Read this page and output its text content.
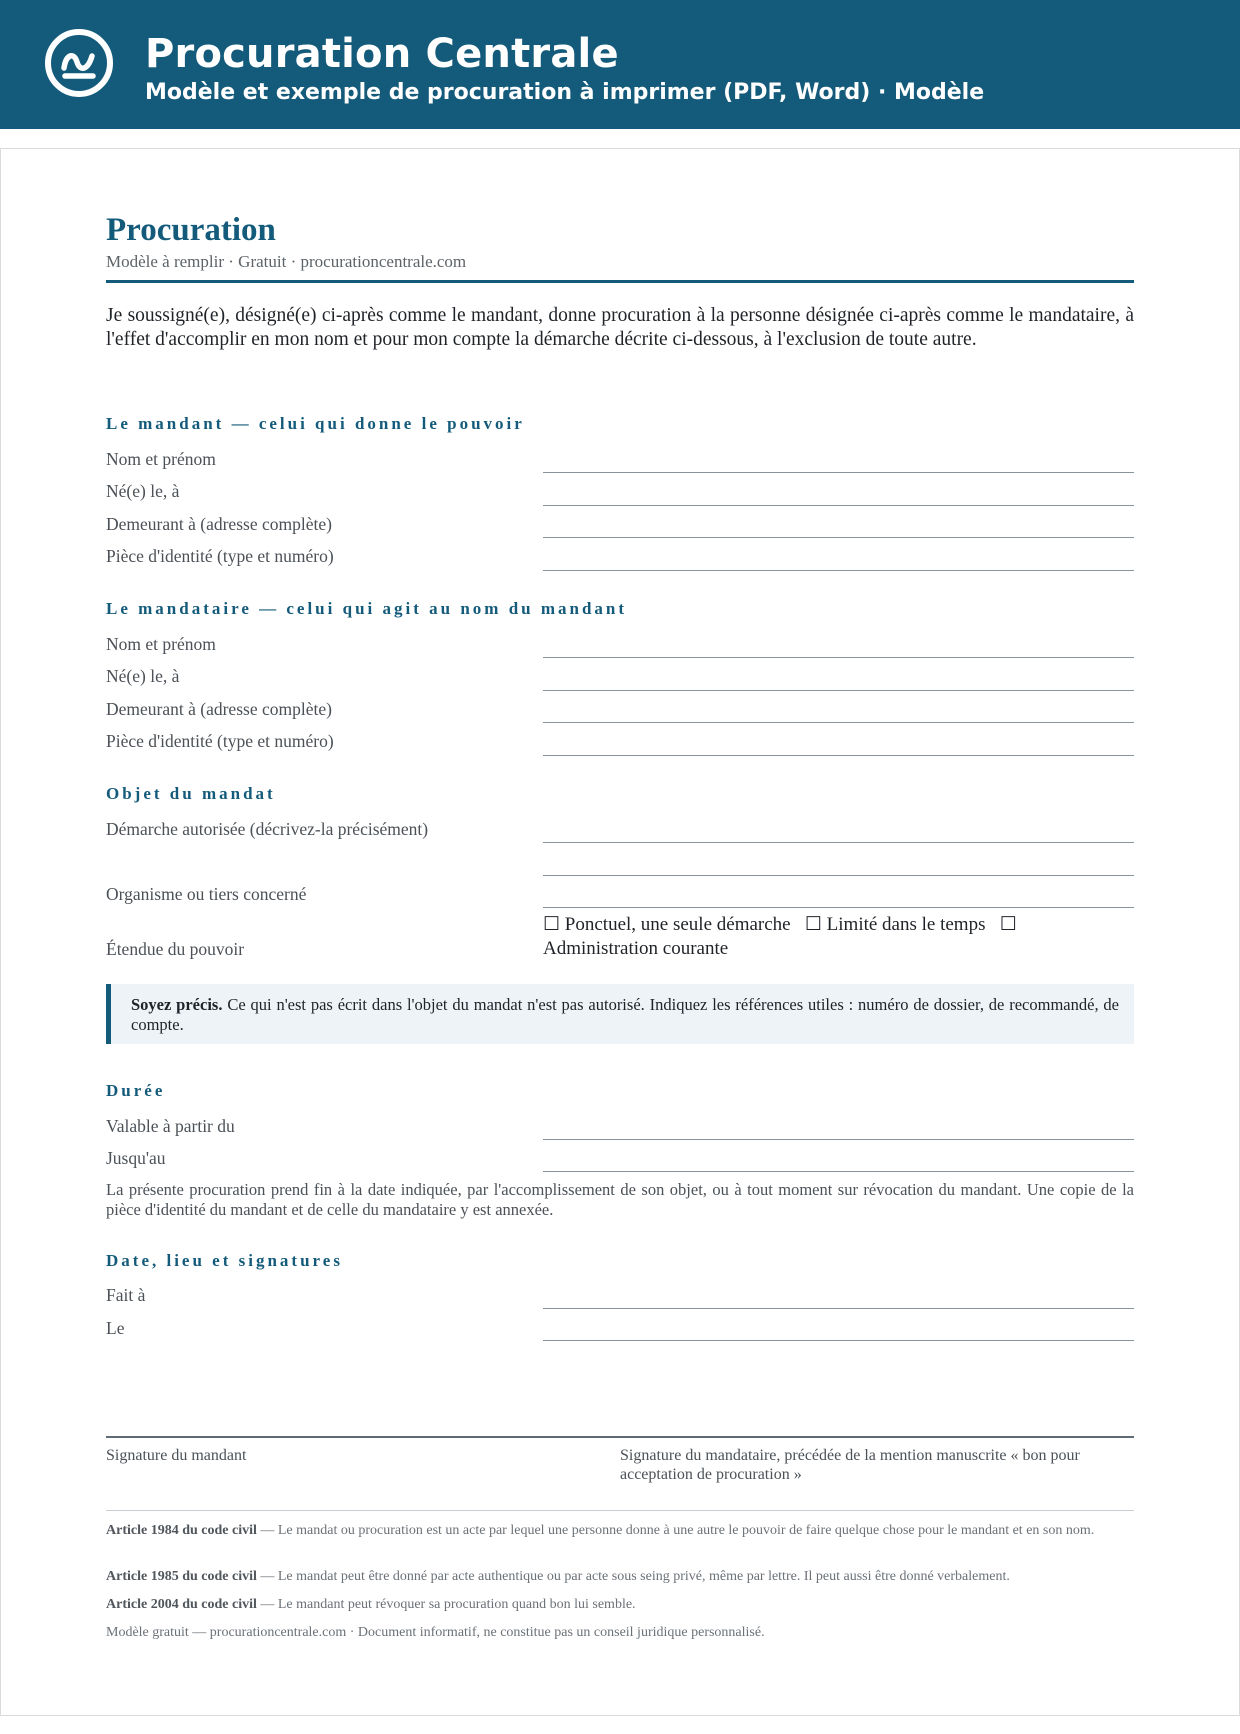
Procuration Centrale
Modèle et exemple de procuration à imprimer (PDF, Word) · Modèle
Procuration
Modèle à remplir · Gratuit · procurationcentrale.com
Je soussigné(e), désigné(e) ci-après comme le mandant, donne procuration à la personne désignée ci-après comme le mandataire, à l'effet d'accomplir en mon nom et pour mon compte la démarche décrite ci-dessous, à l'exclusion de toute autre.
Le mandant — celui qui donne le pouvoir
Nom et prénom
Né(e) le, à
Demeurant à (adresse complète)
Pièce d'identité (type et numéro)
Le mandataire — celui qui agit au nom du mandant
Nom et prénom
Né(e) le, à
Demeurant à (adresse complète)
Pièce d'identité (type et numéro)
Objet du mandat
Démarche autorisée (décrivez-la précisément)
Organisme ou tiers concerné
☐ Ponctuel, une seule démarche ☐ Limité dans le temps ☐ Administration courante
Étendue du pouvoir
Soyez précis. Ce qui n'est pas écrit dans l'objet du mandat n'est pas autorisé. Indiquez les références utiles : numéro de dossier, de recommandé, de compte.
Durée
Valable à partir du
Jusqu'au
La présente procuration prend fin à la date indiquée, par l'accomplissement de son objet, ou à tout moment sur révocation du mandant. Une copie de la pièce d'identité du mandant et de celle du mandataire y est annexée.
Date, lieu et signatures
Fait à
Le
Signature du mandant	Signature du mandataire, précédée de la mention manuscrite « bon pour acceptation de procuration »
Article 1984 du code civil — Le mandat ou procuration est un acte par lequel une personne donne à une autre le pouvoir de faire quelque chose pour le mandant et en son nom.
Article 1985 du code civil — Le mandat peut être donné par acte authentique ou par acte sous seing privé, même par lettre. Il peut aussi être donné verbalement.
Article 2004 du code civil — Le mandant peut révoquer sa procuration quand bon lui semble.
Modèle gratuit — procurationcentrale.com · Document informatif, ne constitue pas un conseil juridique personnalisé.
